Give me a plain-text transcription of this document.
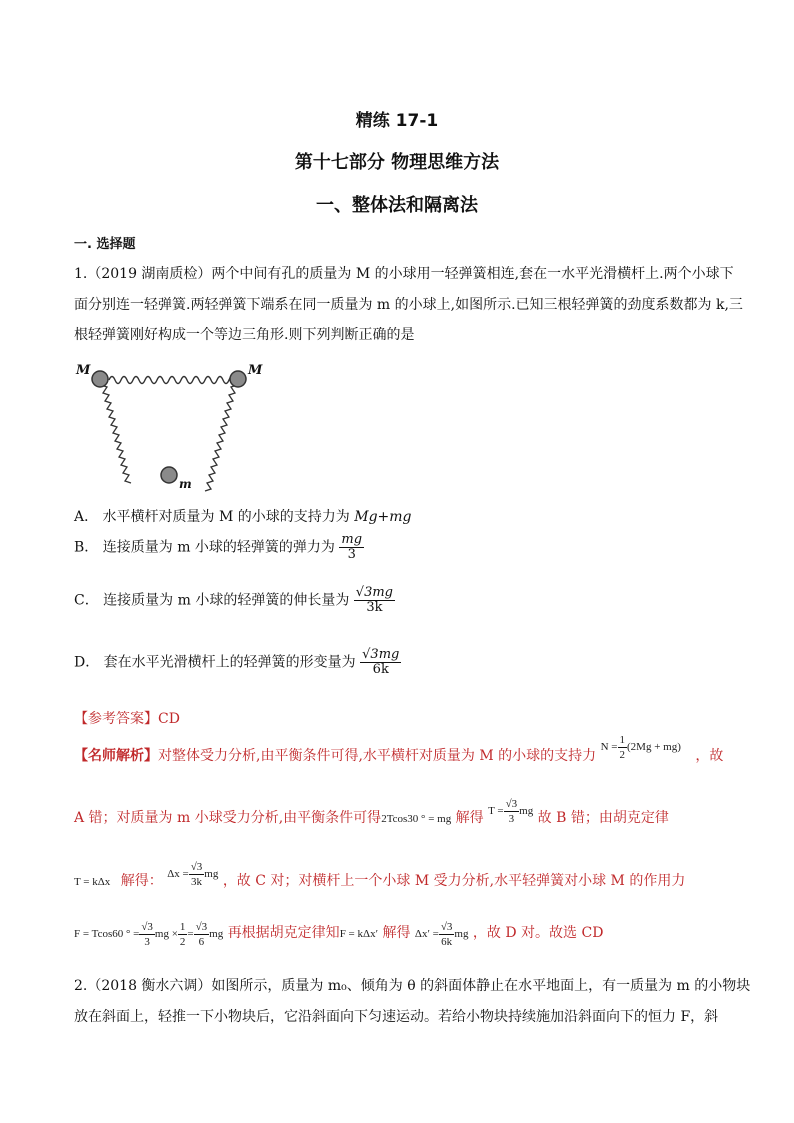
精练 17-1
第十七部分 物理思维方法
一、整体法和隔离法
一. 选择题
1.（2019 湖南质检）两个中间有孔的质量为 M 的小球用一轻弹簧相连,套在一水平光滑横杆上.两个小球下
面分别连一轻弹簧.两轻弹簧下端系在同一质量为 m 的小球上,如图所示.已知三根轻弹簧的劲度系数都为 k,三
根轻弹簧刚好构成一个等边三角形.则下列判断正确的是
M	M
m
A． 水平横杆对质量为 M 的小球的支持力为 Mg+mg
B． 连接质量为 m 小球的轻弹簧的弹力为 $\frac{mg}{3}$
C． 连接质量为 m 小球的轻弹簧的伸长量为 $\frac{√3mg}{3k}$
D． 套在水平光滑横杆上的轻弹簧的形变量为 $\frac{√3mg}{6k}$
【参考答案】CD
【名师解析】对整体受力分析,由平衡条件可得,水平横杆对质量为 M 的小球的支持力 $^{N = \frac{1}{2} (2Mg + mg)}$ ，故
A 错；对质量为 m 小球受力分析,由平衡条件可得2Tcos30 ° = mg 解得 $^{T = \frac{√3}{3} mg}$ 故 B 错；由胡克定律
T = kΔx 解得： $^{\Delta x = \frac{√3}{3k} mg}$ ，故 C 对；对横杆上一个小球 M 受力分析,水平轻弹簧对小球 M 的作用力
F = Tcos60 ° = $\frac{√3}{3}$ mg × $\frac{1}{2} = \frac{√3}{6}$ mg 再根据胡克定律知F = kΔx′ 解得 $\Delta x' = \frac{√3}{6k}$ mg ，故 D 对。故选 CD
2.（2018 衡水六调）如图所示，质量为 m₀、倾角为 θ 的斜面体静止在水平地面上，有一质量为 m 的小物块
放在斜面上，轻推一下小物块后，它沿斜面向下匀速运动。若给小物块持续施加沿斜面向下的恒力 F，斜
